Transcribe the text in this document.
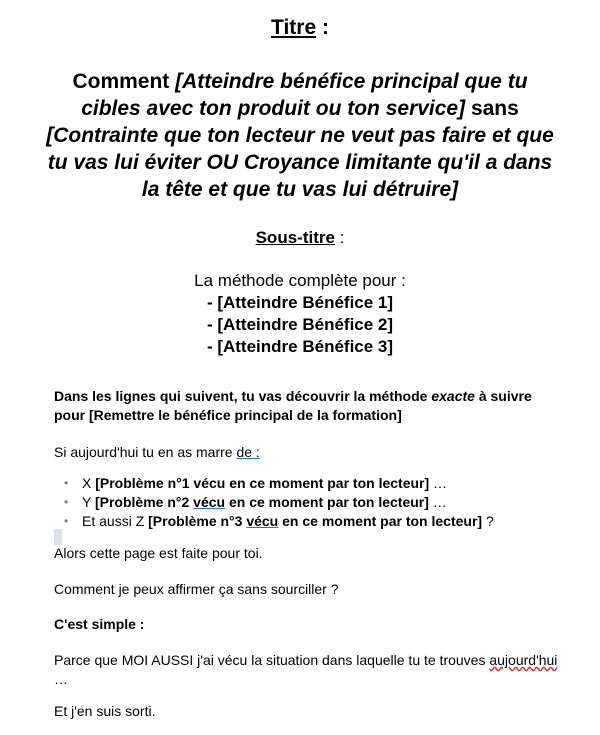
Titre :
Comment [Atteindre bénéfice principal que tu cibles avec ton produit ou ton service] sans [Contrainte que ton lecteur ne veut pas faire et que tu vas lui éviter OU Croyance limitante qu'il a dans la tête et que tu vas lui détruire]
Sous-titre :
La méthode complète pour :
- [Atteindre Bénéfice 1]
- [Atteindre Bénéfice 2]
- [Atteindre Bénéfice 3]
Dans les lignes qui suivent, tu vas découvrir la méthode exacte à suivre pour [Remettre le bénéfice principal de la formation]
Si aujourd'hui tu en as marre de :
• X [Problème n°1 vécu en ce moment par ton lecteur] …
• Y [Problème n°2 vécu en ce moment par ton lecteur] …
• Et aussi Z [Problème n°3 vécu en ce moment par ton lecteur] ?
Alors cette page est faite pour toi.
Comment je peux affirmer ça sans sourciller ?
C'est simple :
Parce que MOI AUSSI j'ai vécu la situation dans laquelle tu te trouves aujourd'hui …
Et j'en suis sorti.
